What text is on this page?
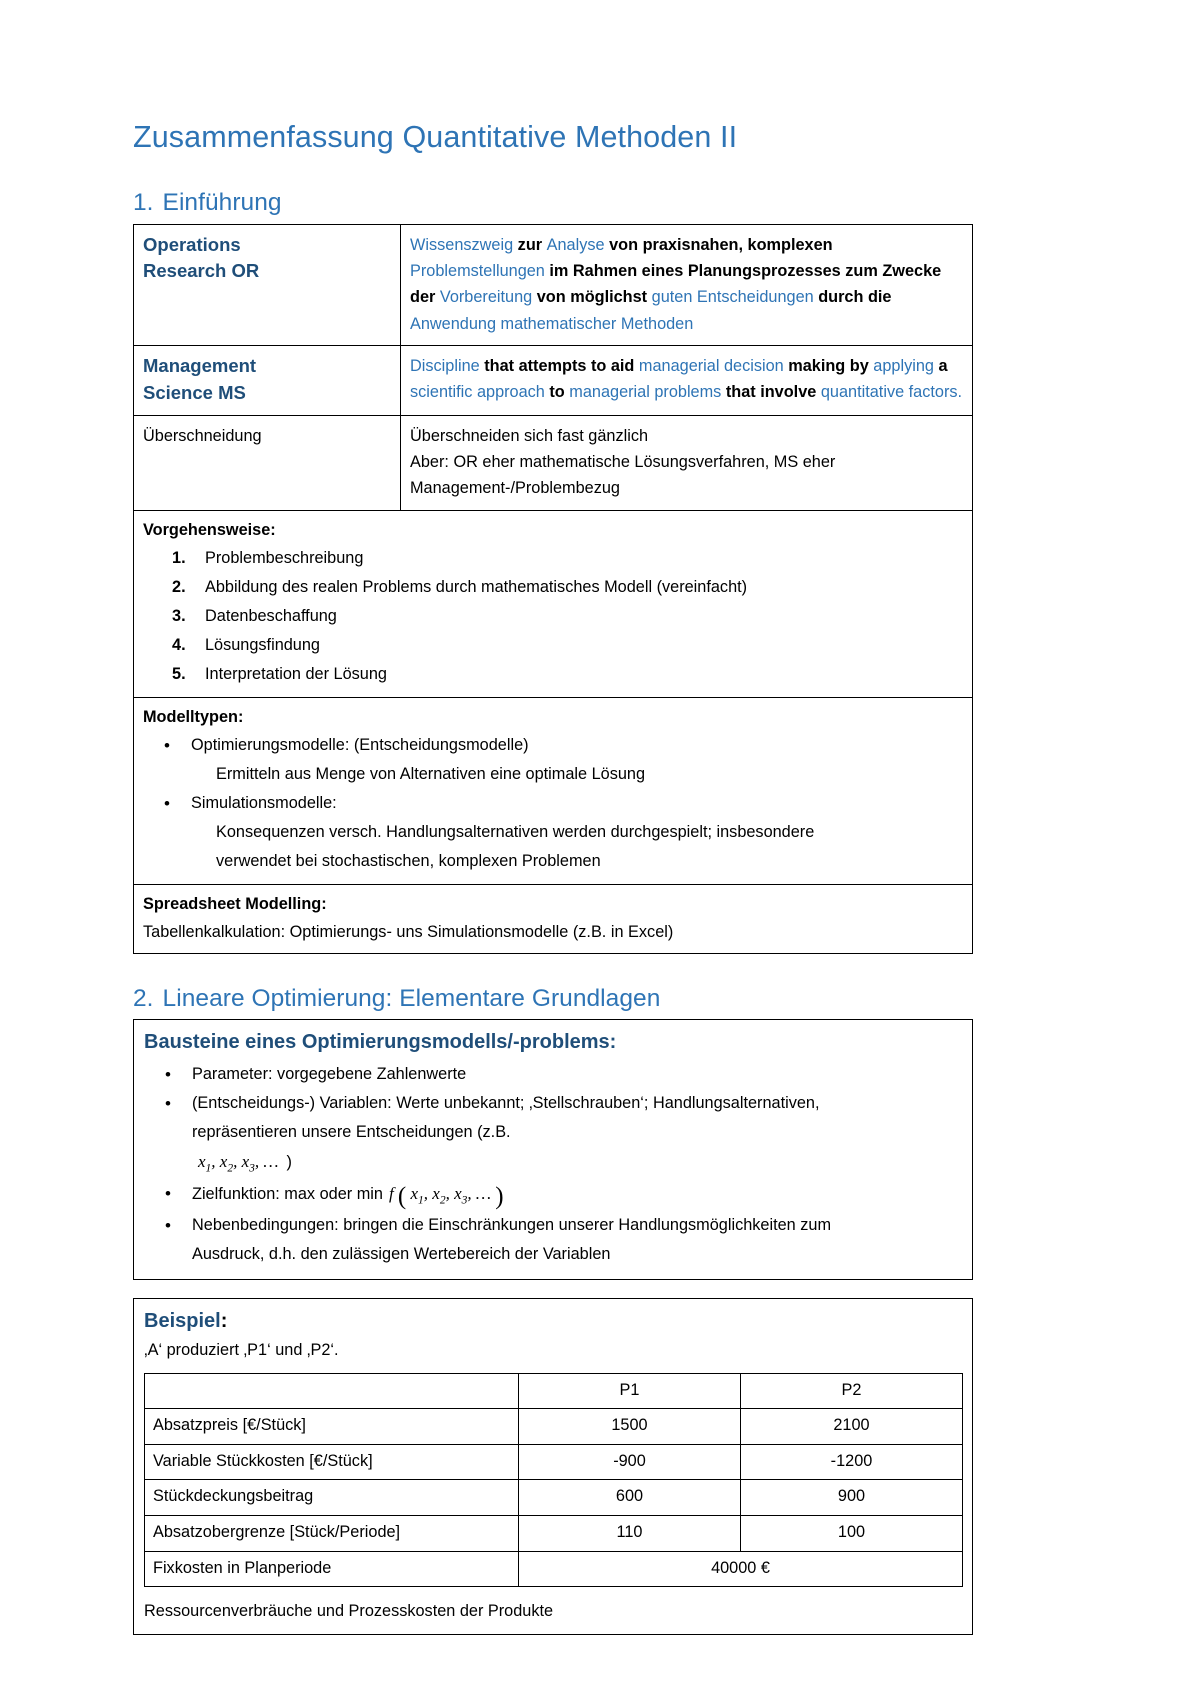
Zusammenfassung Quantitative Methoden II
1. Einführung
Operations
Research OR	Wissenszweig zur Analyse von praxisnahen, komplexen Problemstellungen im Rahmen eines Planungsprozesses zum Zwecke der Vorbereitung von möglichst guten Entscheidungen durch die Anwendung mathematischer Methoden

Management
Science MS	Discipline that attempts to aid managerial decision making by applying a scientific approach to managerial problems that involve quantitative factors.
Überschneidung	Überschneiden sich fast gänzlich
Aber: OR eher mathematische Lösungsverfahren, MS eher
Management-/Problembezug

Vorgehensweise:
Problembeschreibung
Abbildung des realen Problems durch mathematisches Modell (vereinfacht)
Datenbeschaffung
Lösungsfindung
Interpretation der Lösung

Modelltypen:
• Optimierungsmodelle: (Entscheidungsmodelle)
Ermitteln aus Menge von Alternativen eine optimale Lösung
• Simulationsmodelle:
Konsequenzen versch. Handlungsalternativen werden durchgespielt; insbesondere
verwendet bei stochastischen, komplexen Problemen

Spreadsheet Modelling:
Tabellenkalkulation: Optimierungs- uns Simulationsmodelle (z.B. in Excel)	
2. Lineare Optimierung: Elementare Grundlagen
Bausteine eines Optimierungsmodells/-problems:
• Parameter: vorgegebene Zahlenwerte
• (Entscheidungs-) Variablen: Werte unbekannt; ‚Stellschrauben‘; Handlungsalternativen,
repräsentieren unsere Entscheidungen (z.B.
$x_1$, $x_2$, $x_3$, … )
• Zielfunktion: max oder min f ( $x_1$, $x_2$, $x_3$, … )
• Nebenbedingungen: bringen die Einschränkungen unserer Handlungsmöglichkeiten zum
Ausdruck, d.h. den zulässigen Wertebereich der Variablen
Beispiel:
‚A‘ produziert ‚P1‘ und ‚P2‘.
	P1	P2
Absatzpreis [€/Stück]	1500	2100
Variable Stückkosten [€/Stück]	-900	-1200
Stückdeckungsbeitrag	600	900
Absatzobergrenze [Stück/Periode]	110	100
Fixkosten in Planperiode	40000 €	
Ressourcenverbräuche und Prozesskosten der Produkte
